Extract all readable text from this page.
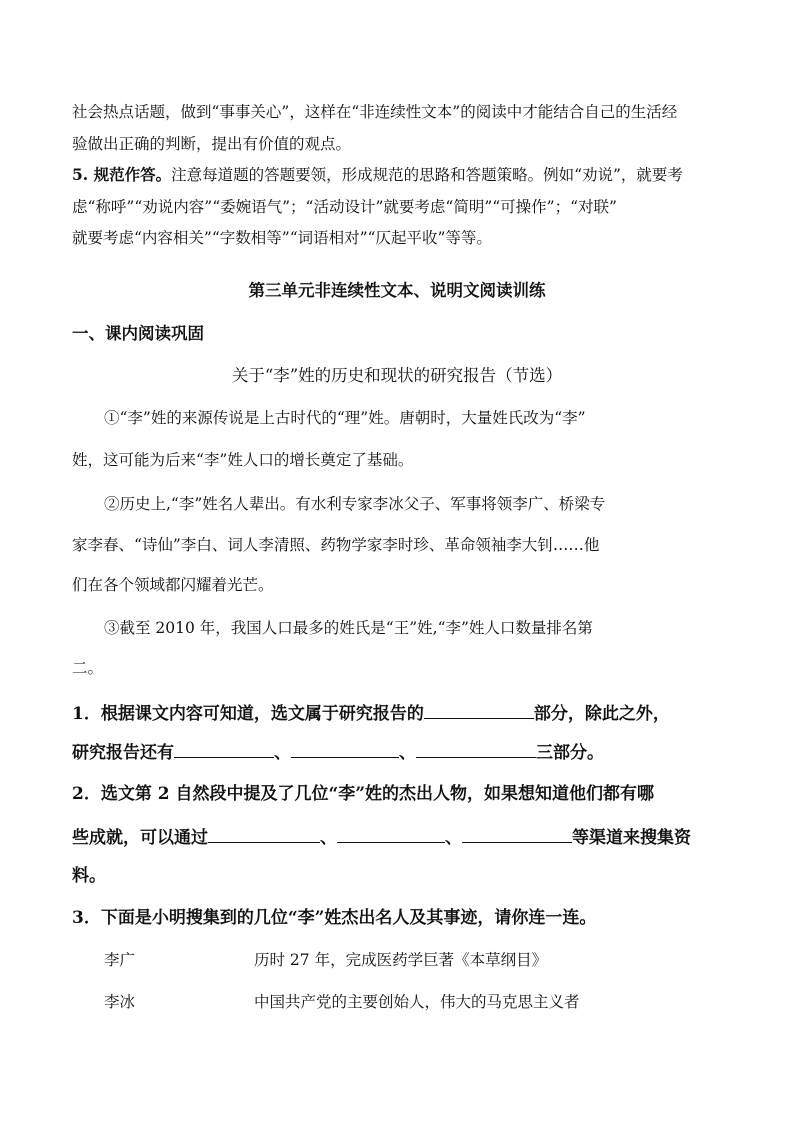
社会热点话题，做到“事事关心”，这样在“非连续性文本”的阅读中才能结合自己的生活经
验做出正确的判断，提出有价值的观点。
5. 规范作答。注意每道题的答题要领，形成规范的思路和答题策略。例如“劝说”，就要考
虑“称呼”“劝说内容”“委婉语气”；“活动设计”就要考虑“简明”“可操作”；“对联”
就要考虑“内容相关”“字数相等”“词语相对”“仄起平收”等等。
第三单元非连续性文本、说明文阅读训练
一、课内阅读巩固
关于“李”姓的历史和现状的研究报告（节选）
①“李”姓的来源传说是上古时代的“理”姓。唐朝时，大量姓氏改为“李”
姓，这可能为后来“李”姓人口的增长奠定了基础。
②历史上,“李”姓名人辈出。有水利专家李冰父子、军事将领李广、桥梁专
家李春、“诗仙”李白、词人李清照、药物学家李时珍、革命领袖李大钊……他
们在各个领域都闪耀着光芒。
③截至 2010 年，我国人口最多的姓氏是“王”姓,“李”姓人口数量排名第
二。
1．根据课文内容可知道，选文属于研究报告的	部分，除此之外，
研究报告还有	、	、	三部分。
2．选文第 2 自然段中提及了几位“李”姓的杰出人物，如果想知道他们都有哪
些成就，可以通过	、	、	等渠道来搜集资
料。
3．下面是小明搜集到的几位“李”姓杰出名人及其事迹，请你连一连。
李广	历时 27 年，完成医药学巨著《本草纲目》
李冰	中国共产党的主要创始人，伟大的马克思主义者
